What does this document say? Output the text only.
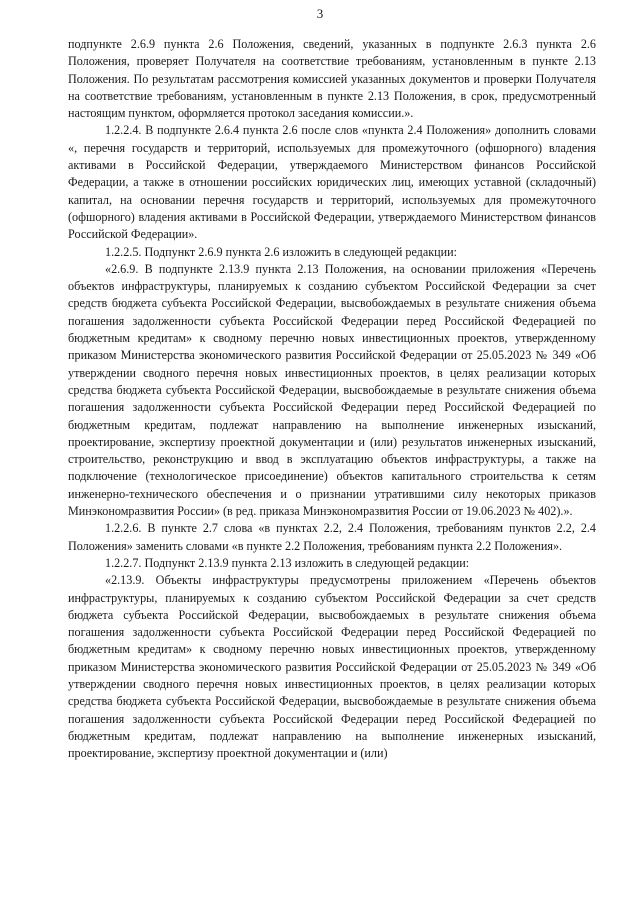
3

подпункте 2.6.9 пункта 2.6 Положения, сведений, указанных в подпункте 2.6.3 пункта 2.6 Положения, проверяет Получателя на соответствие требованиям, установленным в пункте 2.13 Положения. По результатам рассмотрения комиссией указанных документов и проверки Получателя на соответствие требованиям, установленным в пункте 2.13 Положения, в срок, предусмотренный настоящим пунктом, оформляется протокол заседания комиссии.».

1.2.2.4. В подпункте 2.6.4 пункта 2.6 после слов «пункта 2.4 Положения» дополнить словами «, перечня государств и территорий, используемых для промежуточного (офшорного) владения активами в Российской Федерации, утверждаемого Министерством финансов Российской Федерации, а также в отношении российских юридических лиц, имеющих уставной (складочный) капитал, на основании перечня государств и территорий, используемых для промежуточного (офшорного) владения активами в Российской Федерации, утверждаемого Министерством финансов Российской Федерации».

1.2.2.5. Подпункт 2.6.9 пункта 2.6 изложить в следующей редакции:

«2.6.9. В подпункте 2.13.9 пункта 2.13 Положения, на основании приложения «Перечень объектов инфраструктуры, планируемых к созданию субъектом Российской Федерации за счет средств бюджета субъекта Российской Федерации, высвобождаемых в результате снижения объема погашения задолженности субъекта Российской Федерации перед Российской Федерацией по бюджетным кредитам» к сводному перечню новых инвестиционных проектов, утвержденному приказом Министерства экономического развития Российской Федерации от 25.05.2023 № 349 «Об утверждении сводного перечня новых инвестиционных проектов, в целях реализации которых средства бюджета субъекта Российской Федерации, высвобождаемые в результате снижения объема погашения задолженности субъекта Российской Федерации перед Российской Федерацией по бюджетным кредитам, подлежат направлению на выполнение инженерных изысканий, проектирование, экспертизу проектной документации и (или) результатов инженерных изысканий, строительство, реконструкцию и ввод в эксплуатацию объектов инфраструктуры, а также на подключение (технологическое присоединение) объектов капитального строительства к сетям инженерно-технического обеспечения и о признании утратившими силу некоторых приказов Минэкономразвития России» (в ред. приказа Минэкономразвития России от 19.06.2023 № 402).».

1.2.2.6. В пункте 2.7 слова «в пунктах 2.2, 2.4 Положения, требованиям пунктов 2.2, 2.4 Положения» заменить словами «в пункте 2.2 Положения, требованиям пункта 2.2 Положения».

1.2.2.7. Подпункт 2.13.9 пункта 2.13 изложить в следующей редакции:

«2.13.9. Объекты инфраструктуры предусмотрены приложением «Перечень объектов инфраструктуры, планируемых к созданию субъектом Российской Федерации за счет средств бюджета субъекта Российской Федерации, высвобождаемых в результате снижения объема погашения задолженности субъекта Российской Федерации перед Российской Федерацией по бюджетным кредитам» к сводному перечню новых инвестиционных проектов, утвержденному приказом Министерства экономического развития Российской Федерации от 25.05.2023 № 349 «Об утверждении сводного перечня новых инвестиционных проектов, в целях реализации которых средства бюджета субъекта Российской Федерации, высвобождаемые в результате снижения объема погашения задолженности субъекта Российской Федерации перед Российской Федерацией по бюджетным кредитам, подлежат направлению на выполнение инженерных изысканий, проектирование, экспертизу проектной документации и (или)
